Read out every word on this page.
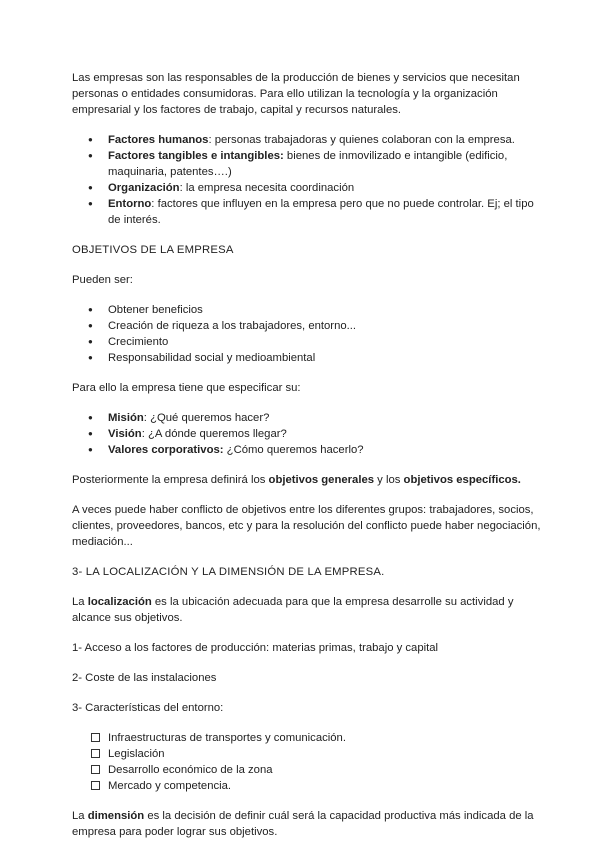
Las empresas son las responsables de la producción de bienes y servicios que necesitan personas o entidades consumidoras. Para ello utilizan la tecnología y la organización empresarial y los factores de trabajo, capital y recursos naturales.

● Factores humanos: personas trabajadoras y quienes colaboran con la empresa.
● Factores tangibles e intangibles: bienes de inmovilizado e intangible (edificio, maquinaria, patentes….)
● Organización: la empresa necesita coordinación
● Entorno: factores que influyen en la empresa pero que no puede controlar. Ej; el tipo de interés.

OBJETIVOS DE LA EMPRESA

Pueden ser:

● Obtener beneficios
● Creación de riqueza a los trabajadores, entorno...
● Crecimiento
● Responsabilidad social y medioambiental

Para ello la empresa tiene que especificar su:

● Misión: ¿Qué queremos hacer?
● Visión: ¿A dónde queremos llegar?
● Valores corporativos: ¿Cómo queremos hacerlo?

Posteriormente la empresa definirá los objetivos generales y los objetivos específicos.

A veces puede haber conflicto de objetivos entre los diferentes grupos: trabajadores, socios, clientes, proveedores, bancos, etc y para la resolución del conflicto puede haber negociación, mediación...

3- LA LOCALIZACIÓN Y LA DIMENSIÓN DE LA EMPRESA.

La localización es la ubicación adecuada para que la empresa desarrolle su actividad y alcance sus objetivos.

1- Acceso a los factores de producción: materias primas, trabajo y capital

2- Coste de las instalaciones

3- Características del entorno:

Infraestructuras de transportes y comunicación.
Legislación
Desarrollo económico de la zona
Mercado y competencia.

La dimensión es la decisión de definir cuál será la capacidad productiva más indicada de la empresa para poder lograr sus objetivos.
